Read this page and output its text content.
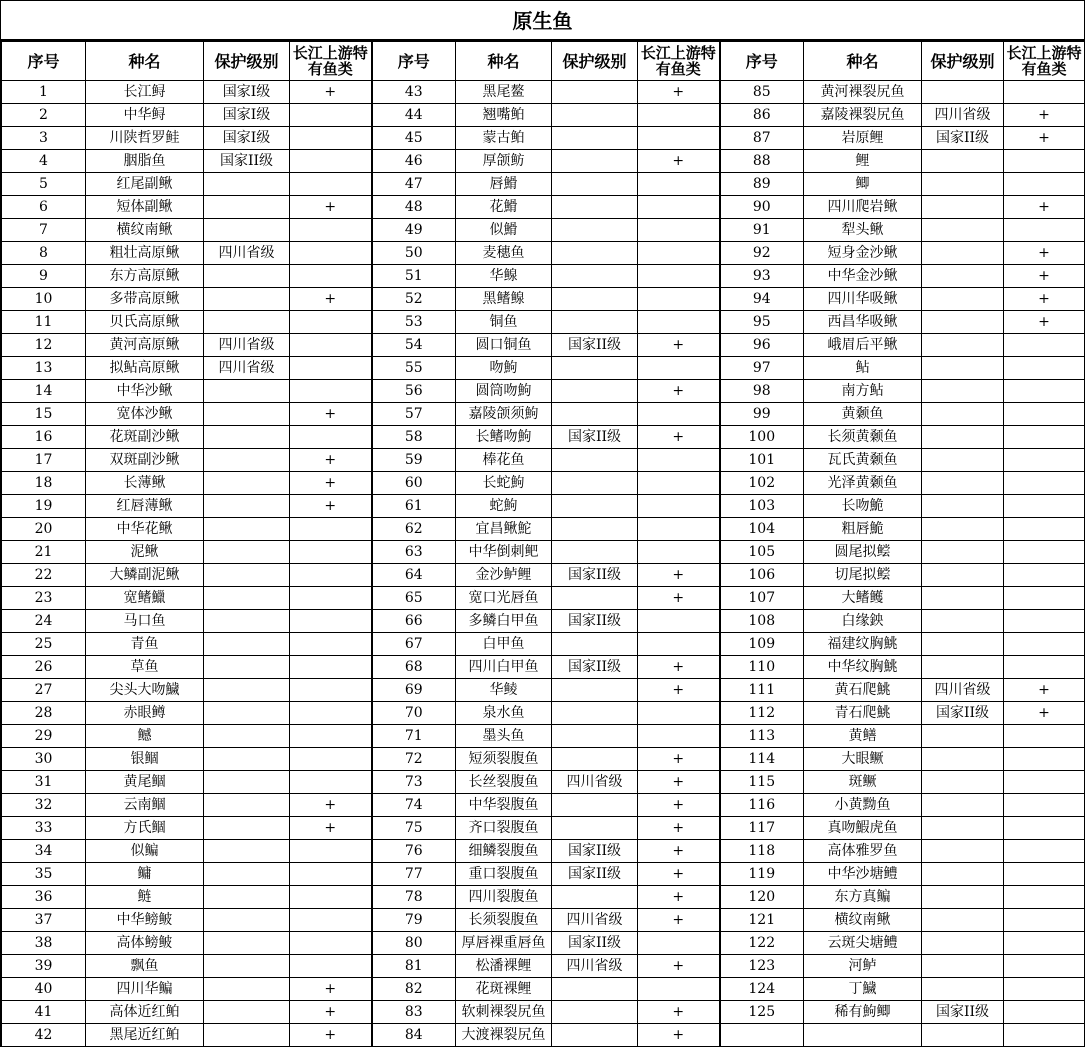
原生鱼
序号	种名	保护级别	长江上游特有鱼类	序号	种名	保护级别	长江上游特有鱼类	序号	种名	保护级别	长江上游特有鱼类
1	长江鲟	国家I级	+	43	黑尾鳌		+	85	黄河裸裂尻鱼		
2	中华鲟	国家I级		44	翘嘴鲌			86	嘉陵裸裂尻鱼	四川省级	+
3	川陕哲罗鲑	国家I级		45	蒙古鲌			87	岩原鲤	国家II级	+
4	胭脂鱼	国家II级		46	厚颌鲂		+	88	鲤		
5	红尾副鳅			47	唇䱻			89	鲫		
6	短体副鳅		+	48	花䱻			90	四川爬岩鳅		+
7	横纹南鳅			49	似䱻			91	犁头鳅		
8	粗壮高原鳅	四川省级		50	麦穗鱼			92	短身金沙鳅		+
9	东方高原鳅			51	华鳈			93	中华金沙鳅		+
10	多带高原鳅		+	52	黑鳍鳈			94	四川华吸鳅		+
11	贝氏高原鳅			53	铜鱼			95	西昌华吸鳅		+
12	黄河高原鳅	四川省级		54	圆口铜鱼	国家II级	+	96	峨眉后平鳅		
13	拟鲇高原鳅	四川省级		55	吻鮈			97	鲇		
14	中华沙鳅			56	圆筒吻鮈		+	98	南方鲇		
15	宽体沙鳅		+	57	嘉陵颌须鮈			99	黄颡鱼		
16	花斑副沙鳅			58	长鳍吻鮈	国家II级	+	100	长须黄颡鱼		
17	双斑副沙鳅		+	59	棒花鱼			101	瓦氏黄颡鱼		
18	长薄鳅		+	60	长蛇鮈			102	光泽黄颡鱼		
19	红唇薄鳅		+	61	蛇鮈			103	长吻鮠		
20	中华花鳅			62	宜昌鳅鮀			104	粗唇鮠		
21	泥鳅			63	中华倒刺鲃			105	圆尾拟鲿		
22	大鳞副泥鳅			64	金沙鲈鲤	国家II级	+	106	切尾拟鲿		
23	宽鳍鱲			65	宽口光唇鱼		+	107	大鳍鳠		
24	马口鱼			66	多鳞白甲鱼	国家II级		108	白缘鉠		
25	青鱼			67	白甲鱼			109	福建纹胸鮡		
26	草鱼			68	四川白甲鱼	国家II级	+	110	中华纹胸鮡		
27	尖头大吻鱥			69	华鲮		+	111	黄石爬鮡	四川省级	+
28	赤眼鳟			70	泉水鱼			112	青石爬鮡	国家II级	+
29	鳡			71	墨头鱼			113	黄鳝		
30	银鲴			72	短须裂腹鱼		+	114	大眼鳜		
31	黄尾鲴			73	长丝裂腹鱼	四川省级	+	115	斑鳜		
32	云南鲴		+	74	中华裂腹鱼		+	116	小黄黝鱼		
33	方氏鲴		+	75	齐口裂腹鱼		+	117	真吻鰕虎鱼		
34	似鳊			76	细鳞裂腹鱼	国家II级	+	118	高体雅罗鱼		
35	鳙			77	重口裂腹鱼	国家II级	+	119	中华沙塘鳢		
36	鲢			78	四川裂腹鱼		+	120	东方真鳊		
37	中华鳑鲏			79	长须裂腹鱼	四川省级	+	121	横纹南鳅		
38	高体鳑鲏			80	厚唇裸重唇鱼	国家II级		122	云斑尖塘鳢		
39	飘鱼			81	松潘裸鲤	四川省级	+	123	河鲈		
40	四川华鳊		+	82	花斑裸鲤			124	丁鱥		
41	高体近红鲌		+	83	软刺裸裂尻鱼		+	125	稀有鮈鲫	国家II级	
42	黑尾近红鲌		+	84	大渡裸裂尻鱼		+				
